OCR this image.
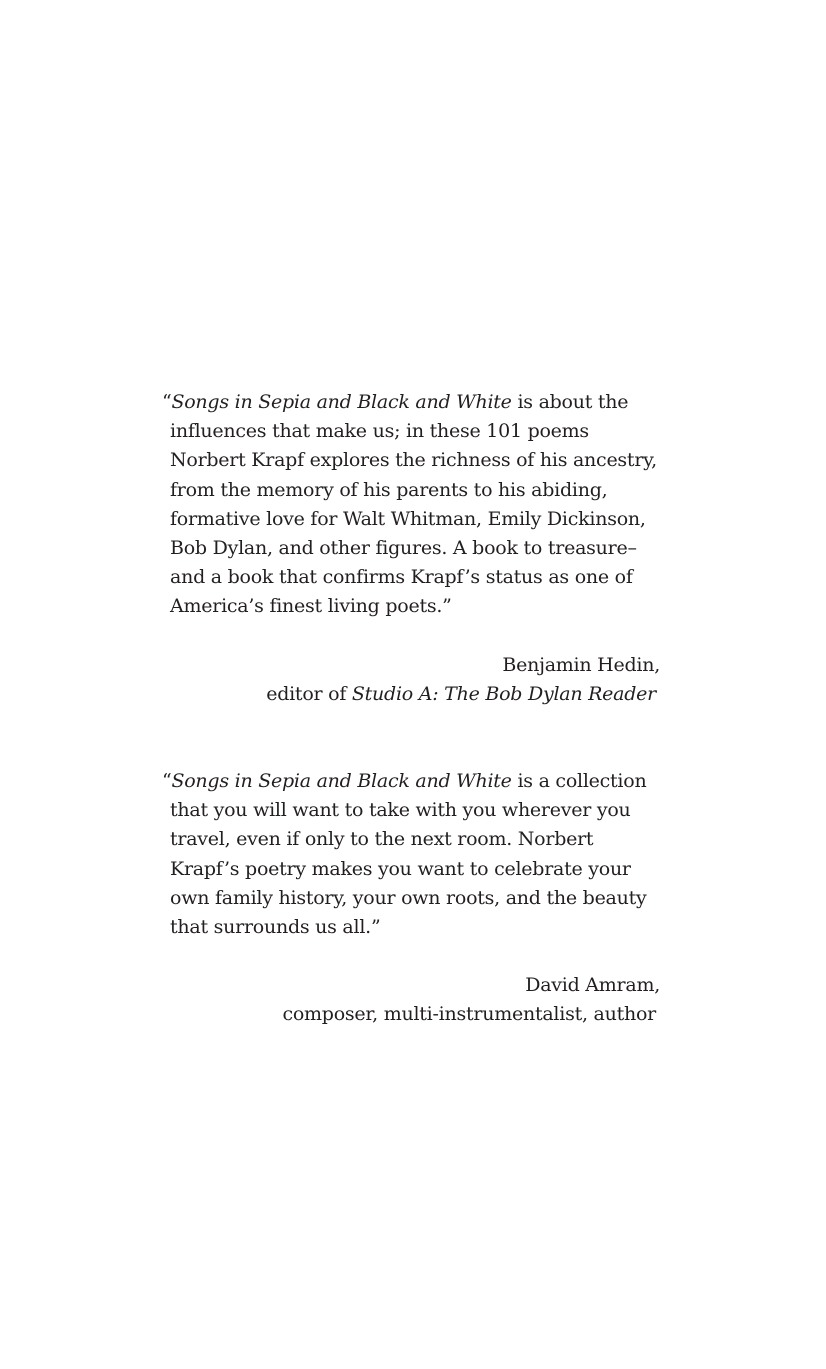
“Songs in Sepia and Black and White is about the influences that make us; in these 101 poems Norbert Krapf explores the richness of his ancestry, from the memory of his parents to his abiding, formative love for Walt Whitman, Emily Dickinson, Bob Dylan, and other figures. A book to treasure–and a book that confirms Krapf’s status as one of America’s finest living poets.”

Benjamin Hedin,
editor of Studio A: The Bob Dylan Reader

“Songs in Sepia and Black and White is a collection that you will want to take with you wherever you travel, even if only to the next room. Norbert Krapf’s poetry makes you want to celebrate your own family history, your own roots, and the beauty that surrounds us all.”

David Amram,
composer, multi-instrumentalist, author
